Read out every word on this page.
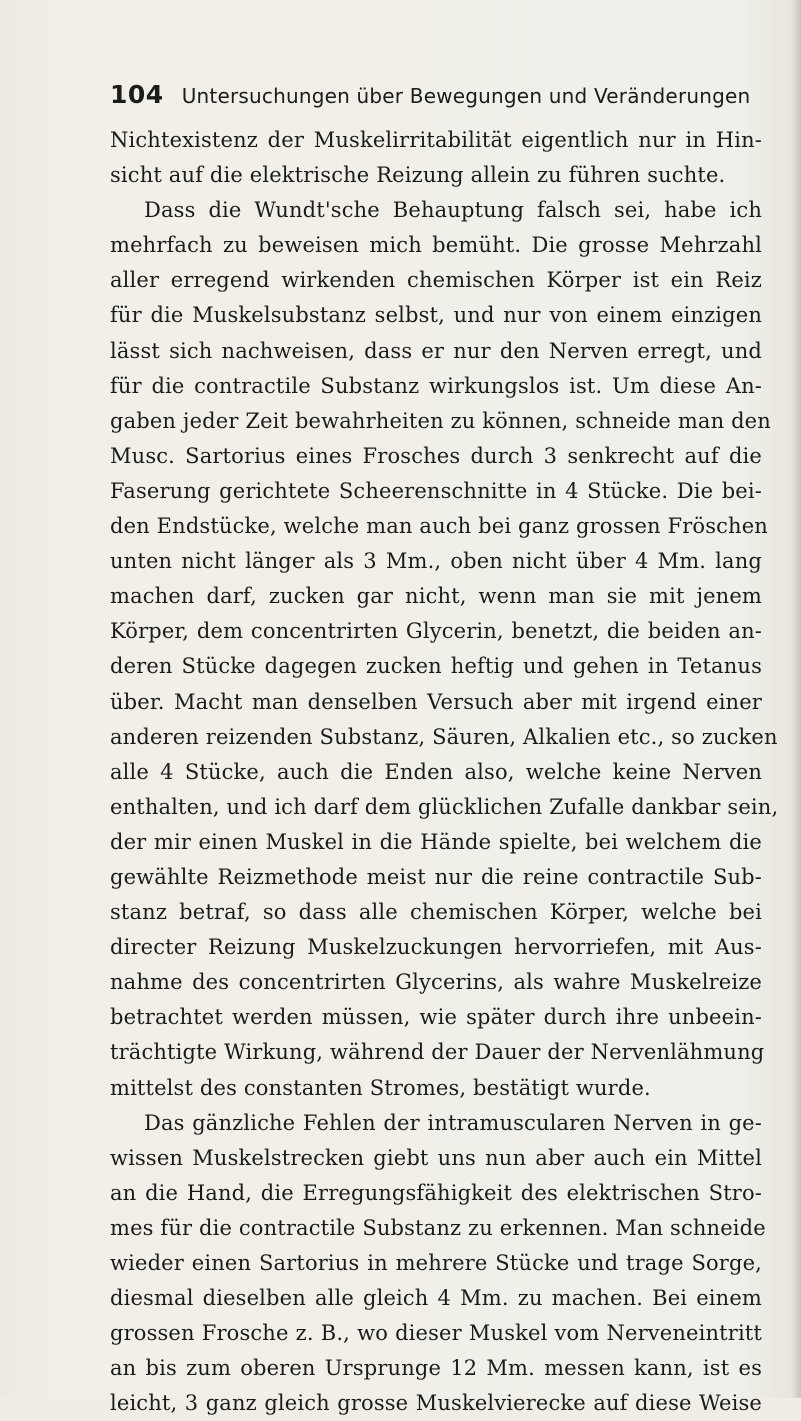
104 Untersuchungen über Bewegungen und Veränderungen
Nichtexistenz der Muskelirritabilität eigentlich nur in Hin-
sicht auf die elektrische Reizung allein zu führen suchte.
Dass die Wundt'sche Behauptung falsch sei, habe ich
mehrfach zu beweisen mich bemüht. Die grosse Mehrzahl
aller erregend wirkenden chemischen Körper ist ein Reiz
für die Muskelsubstanz selbst, und nur von einem einzigen
lässt sich nachweisen, dass er nur den Nerven erregt, und
für die contractile Substanz wirkungslos ist. Um diese An-
gaben jeder Zeit bewahrheiten zu können, schneide man den
Musc. Sartorius eines Frosches durch 3 senkrecht auf die
Faserung gerichtete Scheerenschnitte in 4 Stücke. Die bei-
den Endstücke, welche man auch bei ganz grossen Fröschen
unten nicht länger als 3 Mm., oben nicht über 4 Mm. lang
machen darf, zucken gar nicht, wenn man sie mit jenem
Körper, dem concentrirten Glycerin, benetzt, die beiden an-
deren Stücke dagegen zucken heftig und gehen in Tetanus
über. Macht man denselben Versuch aber mit irgend einer
anderen reizenden Substanz, Säuren, Alkalien etc., so zucken
alle 4 Stücke, auch die Enden also, welche keine Nerven
enthalten, und ich darf dem glücklichen Zufalle dankbar sein,
der mir einen Muskel in die Hände spielte, bei welchem die
gewählte Reizmethode meist nur die reine contractile Sub-
stanz betraf, so dass alle chemischen Körper, welche bei
directer Reizung Muskelzuckungen hervorriefen, mit Aus-
nahme des concentrirten Glycerins, als wahre Muskelreize
betrachtet werden müssen, wie später durch ihre unbeein-
trächtigte Wirkung, während der Dauer der Nervenlähmung
mittelst des constanten Stromes, bestätigt wurde.
Das gänzliche Fehlen der intramuscularen Nerven in ge-
wissen Muskelstrecken giebt uns nun aber auch ein Mittel
an die Hand, die Erregungsfähigkeit des elektrischen Stro-
mes für die contractile Substanz zu erkennen. Man schneide
wieder einen Sartorius in mehrere Stücke und trage Sorge,
diesmal dieselben alle gleich 4 Mm. zu machen. Bei einem
grossen Frosche z. B., wo dieser Muskel vom Nerveneintritt
an bis zum oberen Ursprunge 12 Mm. messen kann, ist es
leicht, 3 ganz gleich grosse Muskelvierecke auf diese Weise
